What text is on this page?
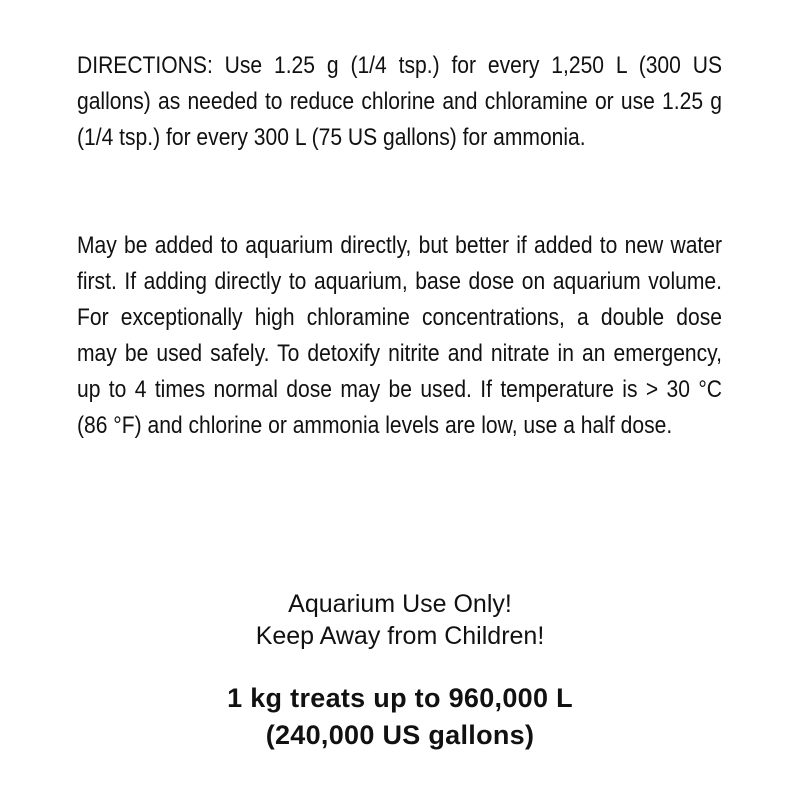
DIRECTIONS: Use 1.25 g (1/4 tsp.) for every 1,250 L (300 US gallons) as needed to reduce chlorine and chloramine or use 1.25 g (1/4 tsp.) for every 300 L (75 US gallons) for ammonia.

May be added to aquarium directly, but better if added to new water first. If adding directly to aquarium, base dose on aquarium volume. For exceptionally high chloramine concentrations, a double dose may be used safely. To detoxify nitrite and nitrate in an emergency, up to 4 times normal dose may be used. If temperature is > 30 °C (86 °F) and chlorine or ammonia levels are low, use a half dose.

Aquarium Use Only!
Keep Away from Children!
1 kg treats up to 960,000 L
(240,000 US gallons)
